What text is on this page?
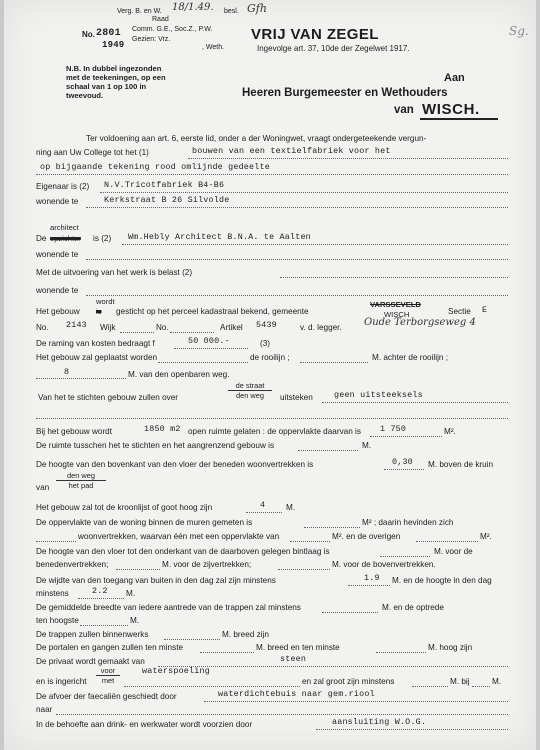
Verg. B. en W. 18/1.49. besl. Gfh
Raad
No. 2801 Comm. G.E., Soc.Z., P.W.
1949
Gezien: Vrz.
, Weth.
VRIJ VAN ZEGEL
Ingevolge art. 37, 10de der Zegelwet 1917.
Sg.
N.B. In dubbel ingezonden
met de teekeningen, op een
schaal van 1 op 100 in
tweevoud.
Aan
Heeren Burgemeester en Wethouders
van WISCH.
Ter voldoening aan art. 6, eerste lid, onder a der Woningwet, vraagt ondergeteekende vergun-
ning aan Uw College tot het (1)	bouwen van een textielfabriek voor het
op bijgaande tekening rood omlijnde gedeelte
Eigenaar is (2) N.V.Tricotfabriek B4-B6
wonende te	Kerkstraat B 26 Silvolde
De
architect
opzichter is (2) Wm.Hebly Architect B.N.A. te Aalten
wonende te
Met de uitvoering van het werk is belast (2)
wonende te
wordt
Het gebouw is gesticht op het perceel kadastraal bekend, gemeente
VARSSEVELD
WISCH	Sectie E
No. 2143 Wijk	No.	Artikel 5439	v. d. legger. Oude Terborgseweg 4
De raming van kosten bedraagt f	50 000.-	(3)
Het gebouw zal geplaatst worden	de rooilijn ;	M. achter de rooilijn ;
8	M. van den openbaren weg.
Van het te stichten gebouw zullen over
de straat
den weg	uitsteken	geen uitsteeksels
Bij het gebouw wordt	1850 m2 open ruimte gelaten : de oppervlakte daarvan is 1 750	M².
De ruimte tusschen het te stichten en het aangrenzend gebouw is	M.
De hoogte van den bovenkant van den vloer der beneden woonvertrekken is	0,30 M. boven de kruin
van
den weg
het pad
Het gebouw zal tot de kroonlijst of goot hoog zijn	4	M.
De oppervlakte van de woning binnen de muren gemeten is	M² ; daarin hevinden zich
woonvertrekken, waarvan één met een oppervlakte van	M². en de overigen	M².
De hoogte van den vloer tot den onderkant van de daarboven gelegen bintlaag is	M. voor de
benedenvertrekken;	M. voor de zijvertrekken;	M. voor de bovenvertrekken.
De wijdte van den toegang van buiten in den dag zal zijn minstens	1.9 M. en de hoogte in den dag
minstens	2.2 M.
De gemiddelde breedte van iedere aantrede van de trappen zal minstens	M. en de optrede
ten hoogste	M.
De trappen zullen binnenwerks	M. breed zijn
De portalen en gangen zullen ten minste	M. breed en ten minste	M. hoog zijn
De privaat wordt gemaakt van	steen
en is ingericht
voor
met
waterspoeling
en zal groot zijn minstens	M. bij	M.
De afvoer der faecaliën geschiedt door	waterdichtebuis naar gem.riool
naar
In de behoefte aan drink- en werkwater wordt voorzien door	aansluiting W.O.G.
